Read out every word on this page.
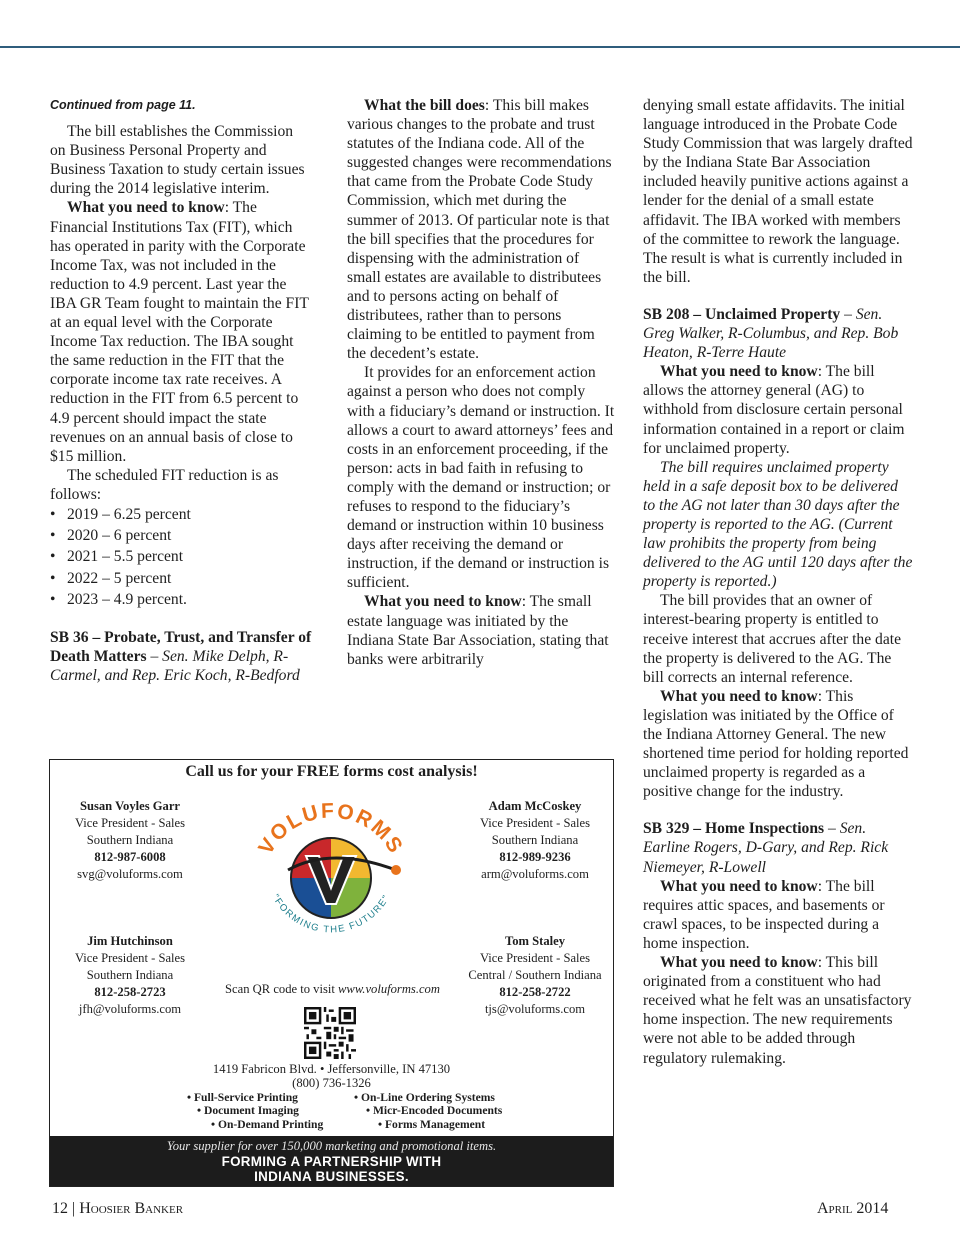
Continued from page 11.

The bill establishes the Commission on Business Personal Property and Business Taxation to study certain issues during the 2014 legislative interim.

What you need to know: The Financial Institutions Tax (FIT), which has operated in parity with the Corporate Income Tax, was not included in the reduction to 4.9 percent. Last year the IBA GR Team fought to maintain the FIT at an equal level with the Corporate Income Tax reduction. The IBA sought the same reduction in the FIT that the corporate income tax rate receives. A reduction in the FIT from 6.5 percent to 4.9 percent should impact the state revenues on an annual basis of close to $15 million.

The scheduled FIT reduction is as follows:

• 2019 – 6.25 percent
• 2020 – 6 percent
• 2021 – 5.5 percent
• 2022 – 5 percent
• 2023 – 4.9 percent.

SB 36 – Probate, Trust, and Transfer of Death Matters – Sen. Mike Delph, R-Carmel, and Rep. Eric Koch, R-Bedford

What the bill does: This bill makes various changes to the probate and trust statutes of the Indiana code. All of the suggested changes were recommendations that came from the Probate Code Study Commission, which met during the summer of 2013. Of particular note is that the bill specifies that the procedures for dispensing with the administration of small estates are available to distributees and to persons acting on behalf of distributees, rather than to persons claiming to be entitled to payment from the decedent’s estate.

It provides for an enforcement action against a person who does not comply with a fiduciary’s demand or instruction. It allows a court to award attorneys’ fees and costs in an enforcement proceeding, if the person: acts in bad faith in refusing to comply with the demand or instruction; or refuses to respond to the fiduciary’s demand or instruction within 10 business days after receiving the demand or instruction, if the demand or instruction is sufficient.

What you need to know: The small estate language was initiated by the Indiana State Bar Association, stating that banks were arbitrarily

denying small estate affidavits. The initial language introduced in the Probate Code Study Commission that was largely drafted by the Indiana State Bar Association included heavily punitive actions against a lender for the denial of a small estate affidavit. The IBA worked with members of the committee to rework the language. The result is what is currently included in the bill.

SB 208 – Unclaimed Property – Sen. Greg Walker, R-Columbus, and Rep. Bob Heaton, R-Terre Haute

What you need to know: The bill allows the attorney general (AG) to withhold from disclosure certain personal information contained in a report or claim for unclaimed property.

The bill requires unclaimed property held in a safe deposit box to be delivered to the AG not later than 30 days after the property is reported to the AG. (Current law prohibits the property from being delivered to the AG until 120 days after the property is reported.)

The bill provides that an owner of interest-bearing property is entitled to receive interest that accrues after the date the property is delivered to the AG. The bill corrects an internal reference.

What you need to know: This legislation was initiated by the Office of the Indiana Attorney General. The new shortened time period for holding reported unclaimed property is regarded as a positive change for the industry.

SB 329 – Home Inspections – Sen. Earline Rogers, D-Gary, and Rep. Rick Niemeyer, R-Lowell

What you need to know: The bill requires attic spaces, and basements or crawl spaces, to be inspected during a home inspection.

What you need to know: This bill originated from a constituent who had received what he felt was an unsatisfactory home inspection. The new requirements were not able to be added through regulatory rulemaking.

Call us for your FREE forms cost analysis!
Susan Voyles Garr
Vice President - Sales
Southern Indiana
812-987-6008
svg@voluforms.com
Adam McCoskey
Vice President - Sales
Southern Indiana
812-989-9236
arm@voluforms.com
Jim Hutchinson
Vice President - Sales
Southern Indiana
812-258-2723
jfh@voluforms.com
Tom Staley
Vice President - Sales
Central / Southern Indiana
812-258-2722
tjs@voluforms.com
VOLUFORMS
"FORMING THE FUTURE"
Scan QR code to visit www.voluforms.com
1419 Fabricon Blvd. • Jeffersonville, IN 47130
(800) 736-1326
• Full-Service Printing
• Document Imaging
• On-Demand Printing
• On-Line Ordering Systems
• Micr-Encoded Documents
• Forms Management
Your supplier for over 150,000 marketing and promotional items.
FORMING A PARTNERSHIP WITH
INDIANA BUSINESSES.
12 | Hoosier Banker	April 2014
